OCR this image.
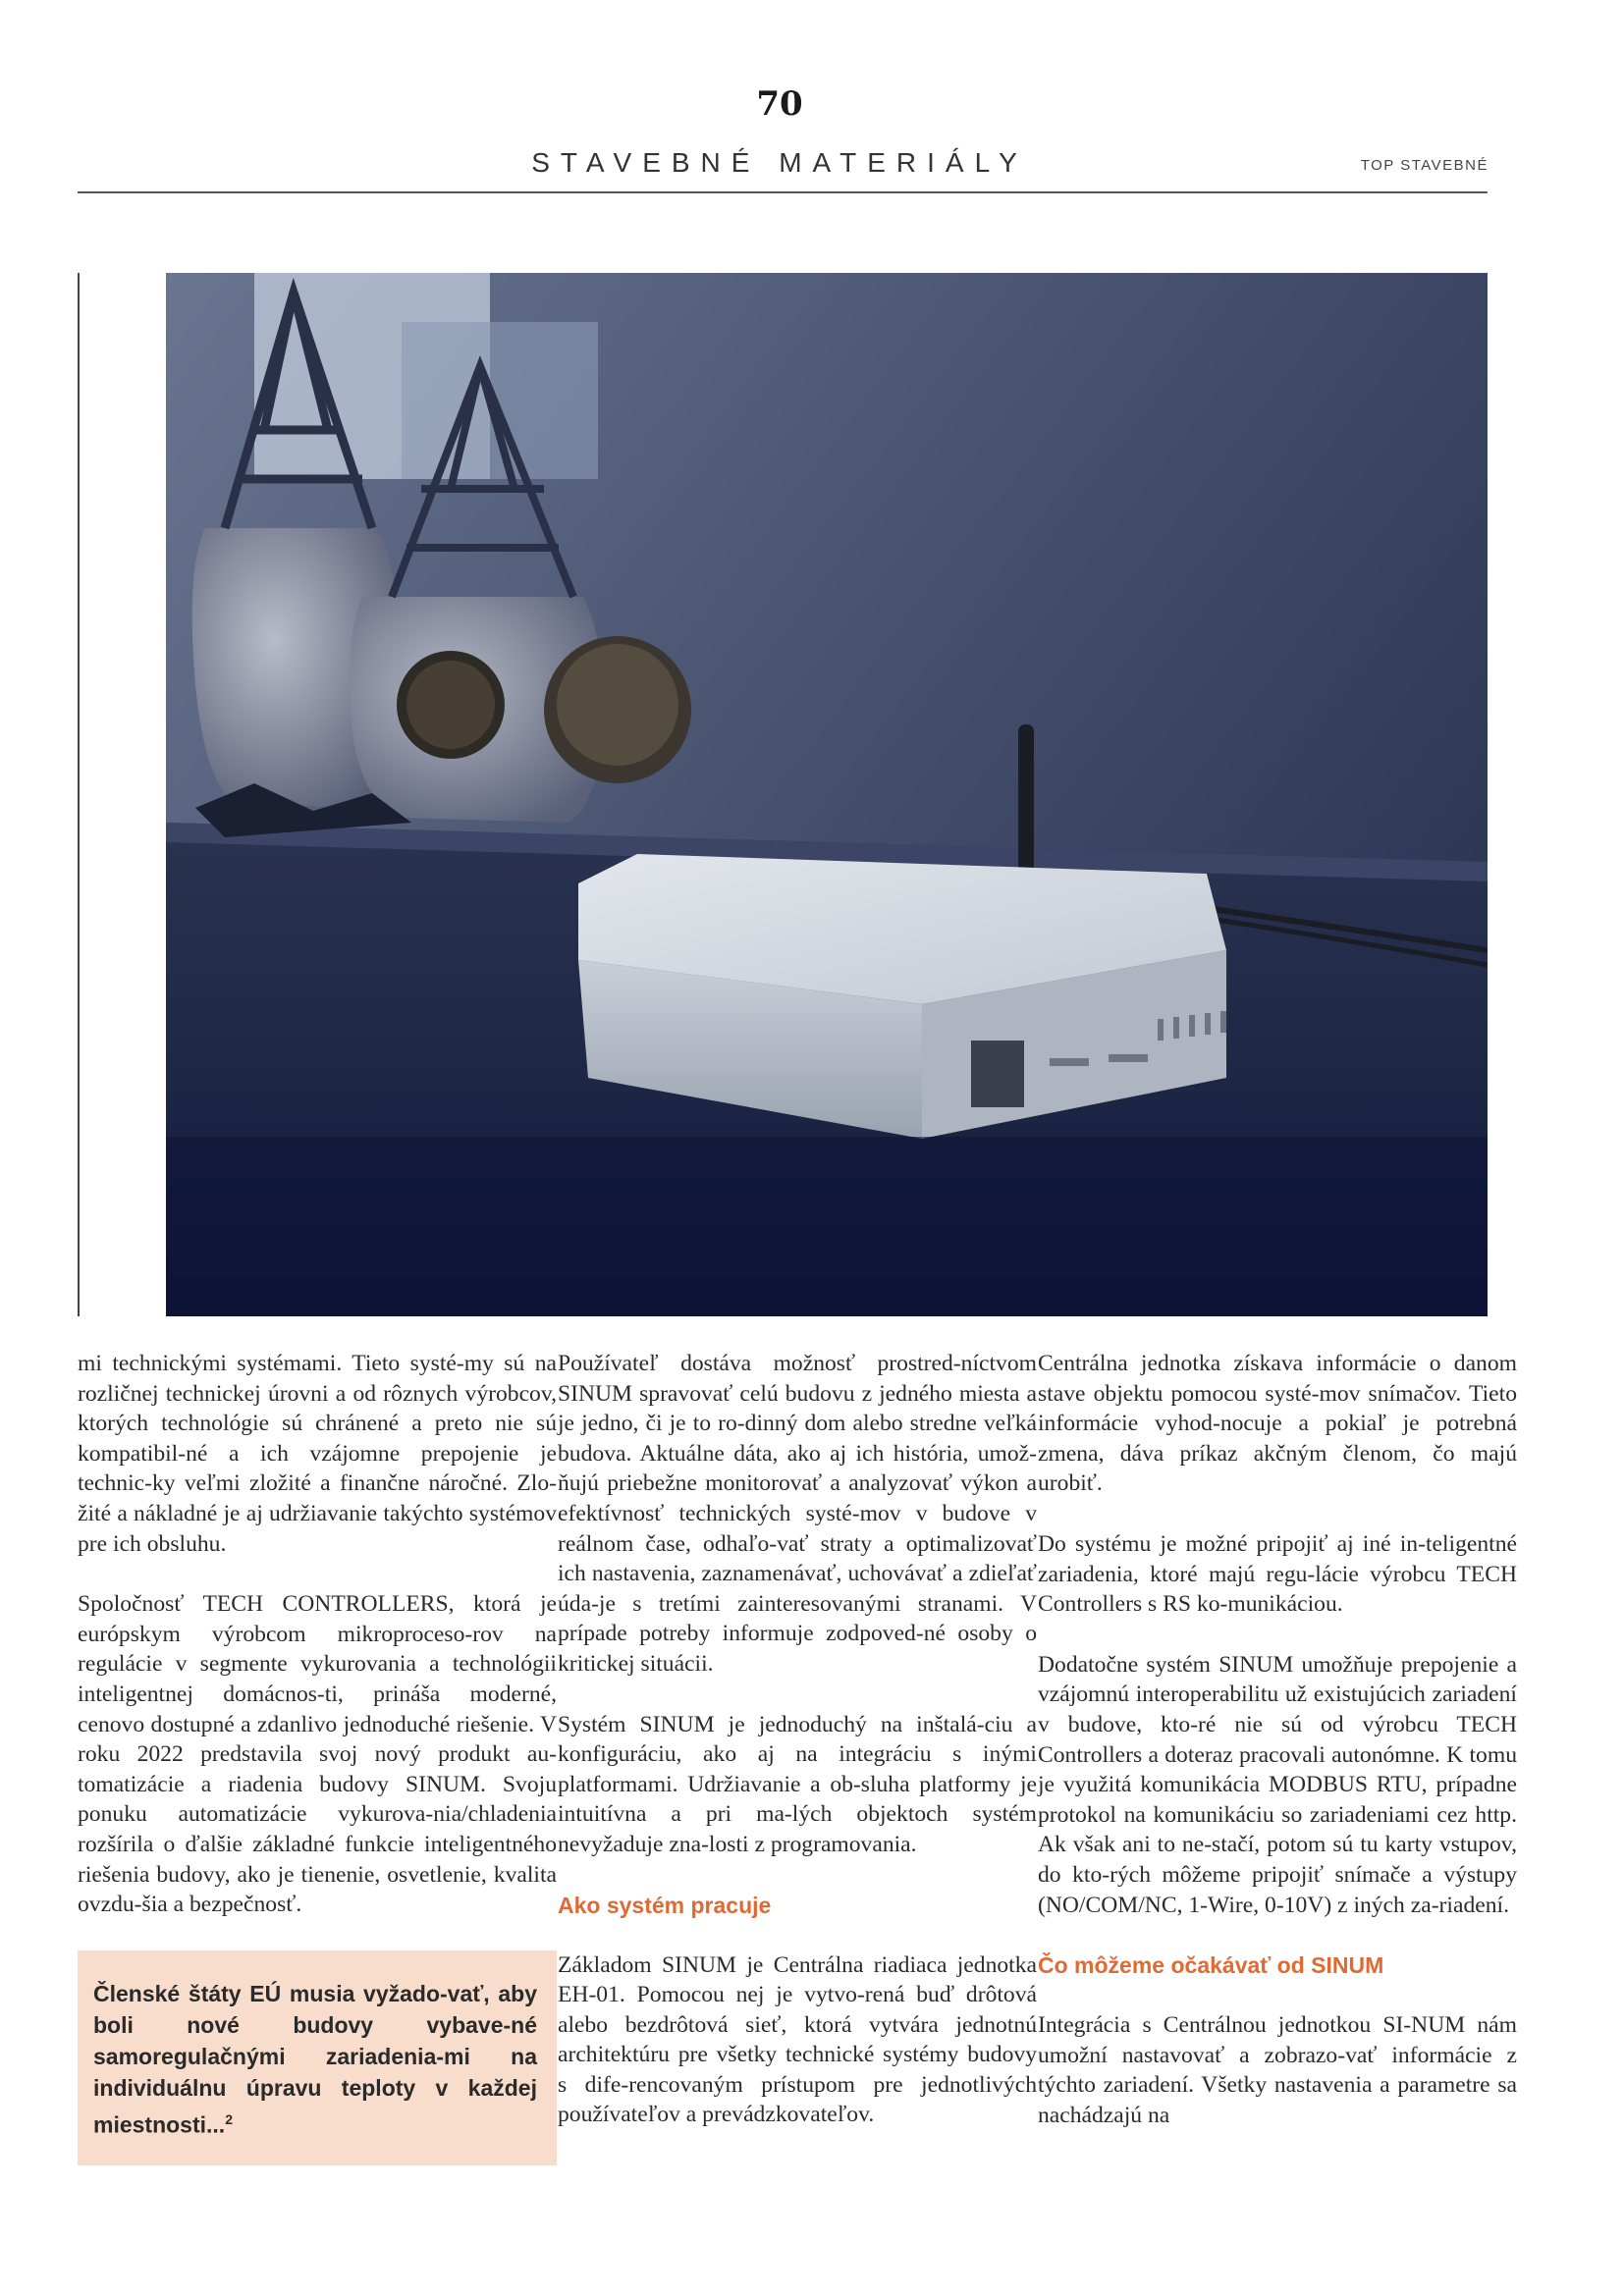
70
STAVEBNÉ MATERIÁLY	TOP STAVEBNÉ

mi technickými systémami. Tieto systé-my sú na rozličnej technickej úrovni a od rôznych výrobcov, ktorých technológie sú chránené a preto nie sú kompatibil-né a ich vzájomne prepojenie je technic-ky veľmi zložité a finančne náročné. Zlo-žité a nákladné je aj udržiavanie takýchto systémov pre ich obsluhu.

Spoločnosť TECH CONTROLLERS, ktorá je európskym výrobcom mikroproceso-rov na regulácie v segmente vykurovania a technológii inteligentnej domácnos-ti, prináša moderné, cenovo dostupné a zdanlivo jednoduché riešenie. V roku 2022 predstavila svoj nový produkt au-tomatizácie a riadenia budovy SINUM. Svoju ponuku automatizácie vykurova-nia/chladenia rozšírila o ďalšie základné funkcie inteligentného riešenia budovy, ako je tienenie, osvetlenie, kvalita ovzdu-šia a bezpečnosť.

Členské štáty EÚ musia vyžado-vať, aby boli nové budovy vybave-né samoregulačnými zariadenia-mi na individuálnu úpravu teploty v každej miestnosti...$^2$

Používateľ dostáva možnosť prostred-níctvom SINUM spravovať celú budovu z jedného miesta a je jedno, či je to ro-dinný dom alebo stredne veľká budova. Aktuálne dáta, ako aj ich história, umož-ňujú priebežne monitorovať a analyzovať výkon a efektívnosť technických systé-mov v budove v reálnom čase, odhaľo-vať straty a optimalizovať ich nastavenia, zaznamenávať, uchovávať a zdieľať úda-je s tretími zainteresovanými stranami. V prípade potreby informuje zodpoved-né osoby o kritickej situácii.

Systém SINUM je jednoduchý na inštalá-ciu a konfiguráciu, ako aj na integráciu s inými platformami. Udržiavanie a ob-sluha platformy je intuitívna a pri ma-lých objektoch systém nevyžaduje zna-losti z programovania.

Ako systém pracuje

Základom SINUM je Centrálna riadiaca jednotka EH-01. Pomocou nej je vytvo-rená buď drôtová alebo bezdrôtová sieť, ktorá vytvára jednotnú architektúru pre všetky technické systémy budovy s dife-rencovaným prístupom pre jednotlivých používateľov a prevádzkovateľov.

Centrálna jednotka získava informácie o danom stave objektu pomocou systé-mov snímačov. Tieto informácie vyhod-nocuje a pokiaľ je potrebná zmena, dáva príkaz akčným členom, čo majú urobiť.

Do systému je možné pripojiť aj iné in-teligentné zariadenia, ktoré majú regu-lácie výrobcu TECH Controllers s RS ko-munikáciou.

Dodatočne systém SINUM umožňuje prepojenie a vzájomnú interoperabilitu už existujúcich zariadení v budove, kto-ré nie sú od výrobcu TECH Controllers a doteraz pracovali autonómne. K tomu je využitá komunikácia MODBUS RTU, prípadne protokol na komunikáciu so zariadeniami cez http. Ak však ani to ne-stačí, potom sú tu karty vstupov, do kto-rých môžeme pripojiť snímače a výstupy (NO/COM/NC, 1-Wire, 0-10V) z iných za-riadení.

Čo môžeme očakávať od SINUM

Integrácia s Centrálnou jednotkou SI-NUM nám umožní nastavovať a zobrazo-vať informácie z týchto zariadení. Všetky nastavenia a parametre sa nachádzajú na
